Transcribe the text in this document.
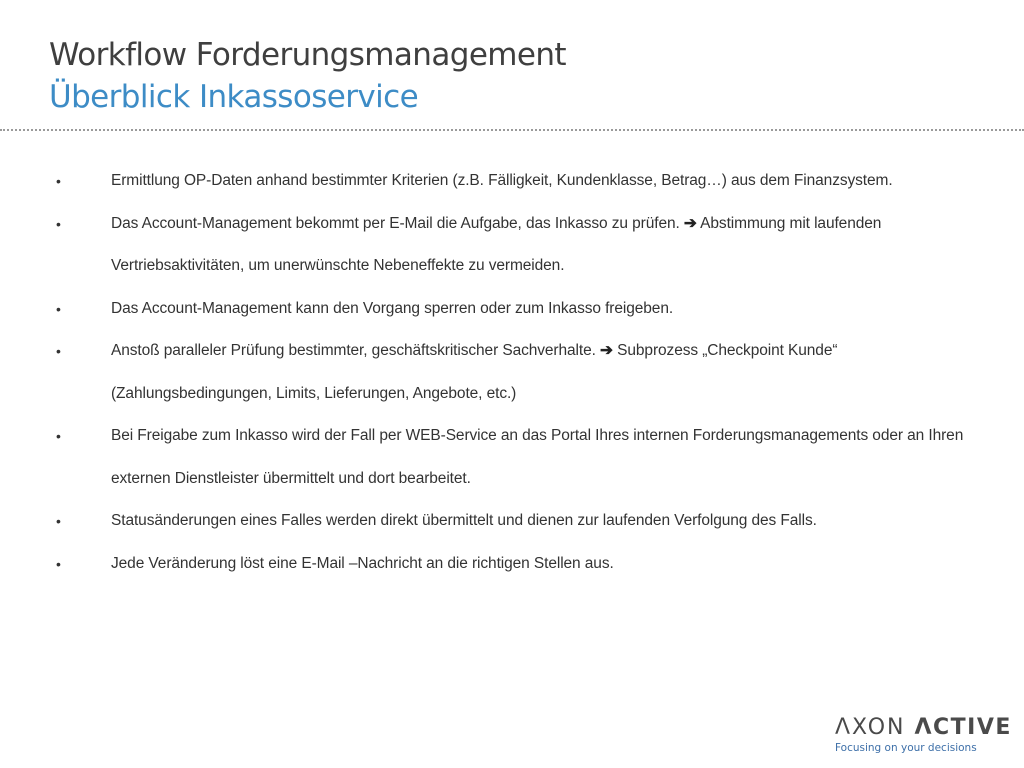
Workflow Forderungsmanagement
Überblick Inkassoservice
•	Ermittlung OP-Daten anhand bestimmter Kriterien (z.B. Fälligkeit, Kundenklasse, Betrag…) aus dem Finanzsystem.
•	Das Account-Management bekommt per E-Mail die Aufgabe, das Inkasso zu prüfen. ➔ Abstimmung mit laufenden Vertriebsaktivitäten, um unerwünschte Nebeneffekte zu vermeiden.
•	Das Account-Management kann den Vorgang sperren oder zum Inkasso freigeben.
•	Anstoß paralleler Prüfung bestimmter, geschäftskritischer Sachverhalte. ➔ Subprozess „Checkpoint Kunde“ (Zahlungsbedingungen, Limits, Lieferungen, Angebote, etc.)
•	Bei Freigabe zum Inkasso wird der Fall per WEB-Service an das Portal Ihres internen Forderungsmanagements oder an Ihren externen Dienstleister übermittelt und dort bearbeitet.
•	Statusänderungen eines Falles werden direkt übermittelt und dienen zur laufenden Verfolgung des Falls.
•	Jede Veränderung löst eine E-Mail –Nachricht an die richtigen Stellen aus.
ΛXON ΛCTIVE
Focusing on your decisions
